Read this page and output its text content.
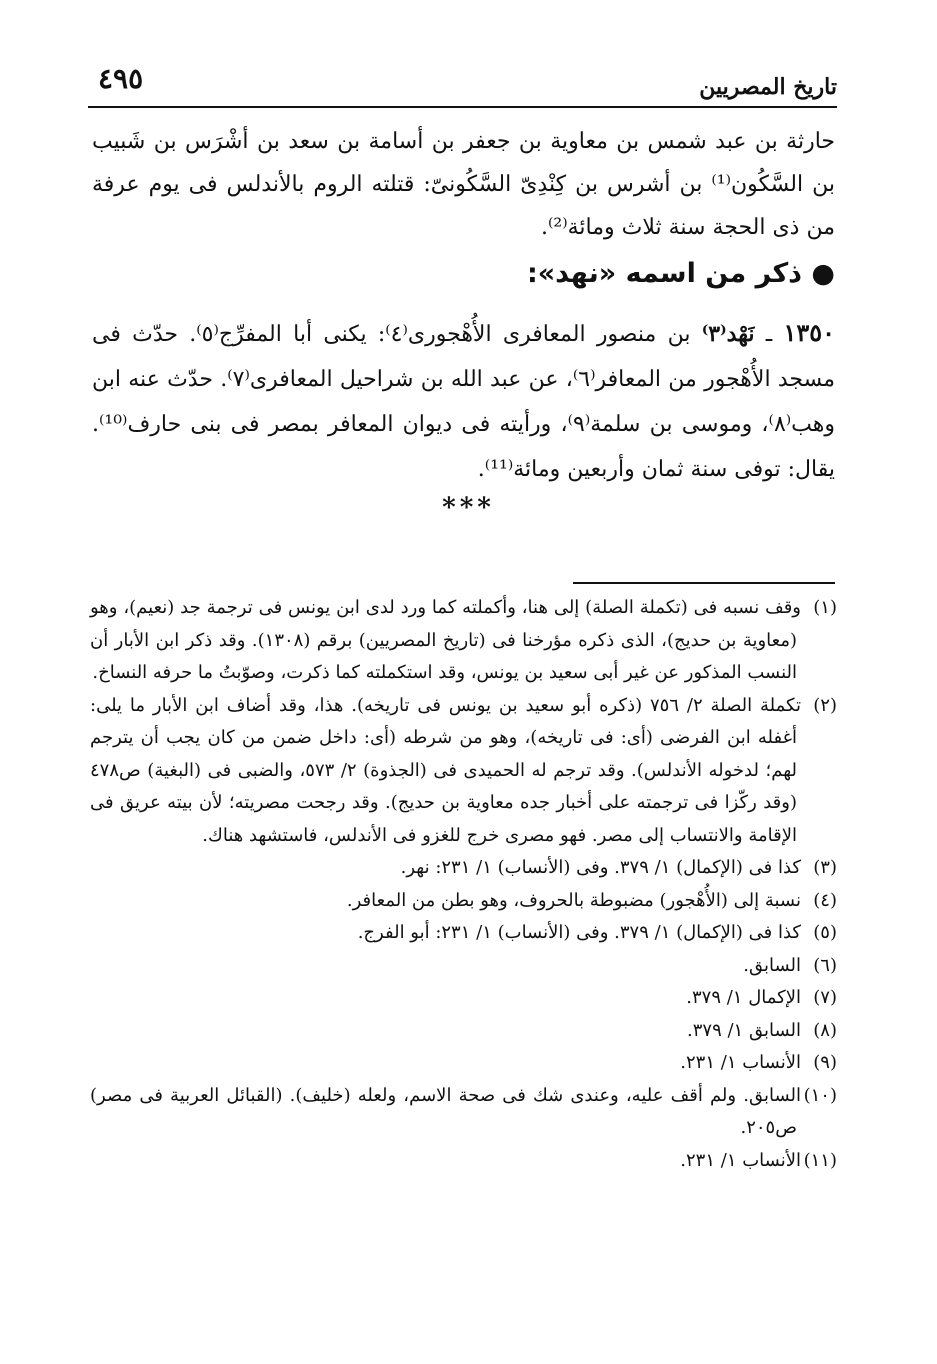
تاريخ المصريين
٤٩٥

حارثة بن عبد شمس بن معاوية بن جعفر بن أسامة بن سعد بن أشْرَس بن شَبيب بن السَّكُون⁽¹⁾ بن أشرس بن كِنْدِىّ السَّكُونىّ: قتلته الروم بالأندلس فى يوم عرفة من ذى الحجة سنة ثلاث ومائة⁽²⁾.

● ذكر من اسمه «نهد»:

١٣٥٠ ـ نَهْد⁽٣⁾ بن منصور المعافرى الأُهْجورى⁽٤⁾: يكنى أبا المفرِّج⁽٥⁾. حدّث فى مسجد الأُهْجور من المعافر⁽٦⁾، عن عبد الله بن شراحيل المعافرى⁽٧⁾. حدّث عنه ابن وهب⁽٨⁾، وموسى بن سلمة⁽٩⁾، ورأيته فى ديوان المعافر بمصر فى بنى حارف⁽¹⁰⁾. يقال: توفى سنة ثمان وأربعين ومائة⁽¹¹⁾.

***

(١)وقف نسبه فى (تكملة الصلة) إلى هنا، وأكملته كما ورد لدى ابن يونس فى ترجمة جد (نعيم)، وهو (معاوية بن حديج)، الذى ذكره مؤرخنا فى (تاريخ المصريين) برقم (١٣٠٨). وقد ذكر ابن الأبار أن النسب المذكور عن غير أبى سعيد بن يونس، وقد استكملته كما ذكرت، وصوّبتُ ما حرفه النساخ.

(٢)تكملة الصلة ٢/ ٧٥٦ (ذكره أبو سعيد بن يونس فى تاريخه). هذا، وقد أضاف ابن الأبار ما يلى: أغفله ابن الفرضى (أى: فى تاريخه)، وهو من شرطه (أى: داخل ضمن من كان يجب أن يترجم لهم؛ لدخوله الأندلس). وقد ترجم له الحميدى فى (الجذوة) ٢/ ٥٧٣، والضبى فى (البغية) ص٤٧٨ (وقد ركّزا فى ترجمته على أخبار جده معاوية بن حديج). وقد رجحت مصريته؛ لأن بيته عريق فى الإقامة والانتساب إلى مصر. فهو مصرى خرج للغزو فى الأندلس، فاستشهد هناك.

(٣)كذا فى (الإكمال) ١/ ٣٧٩. وفى (الأنساب) ١/ ٢٣١: نهر.

(٤)نسبة إلى (الأُهْجور) مضبوطة بالحروف، وهو بطن من المعافر.

(٥)كذا فى (الإكمال) ١/ ٣٧٩. وفى (الأنساب) ١/ ٢٣١: أبو الفرج.

(٦)السابق.

(٧)الإكمال ١/ ٣٧٩.

(٨)السابق ١/ ٣٧٩.

(٩)الأنساب ١/ ٢٣١.

(١٠)السابق. ولم أقف عليه، وعندى شك فى صحة الاسم، ولعله (خليف). (القبائل العربية فى مصر) ص٢٠٥.

(١١)الأنساب ١/ ٢٣١.
